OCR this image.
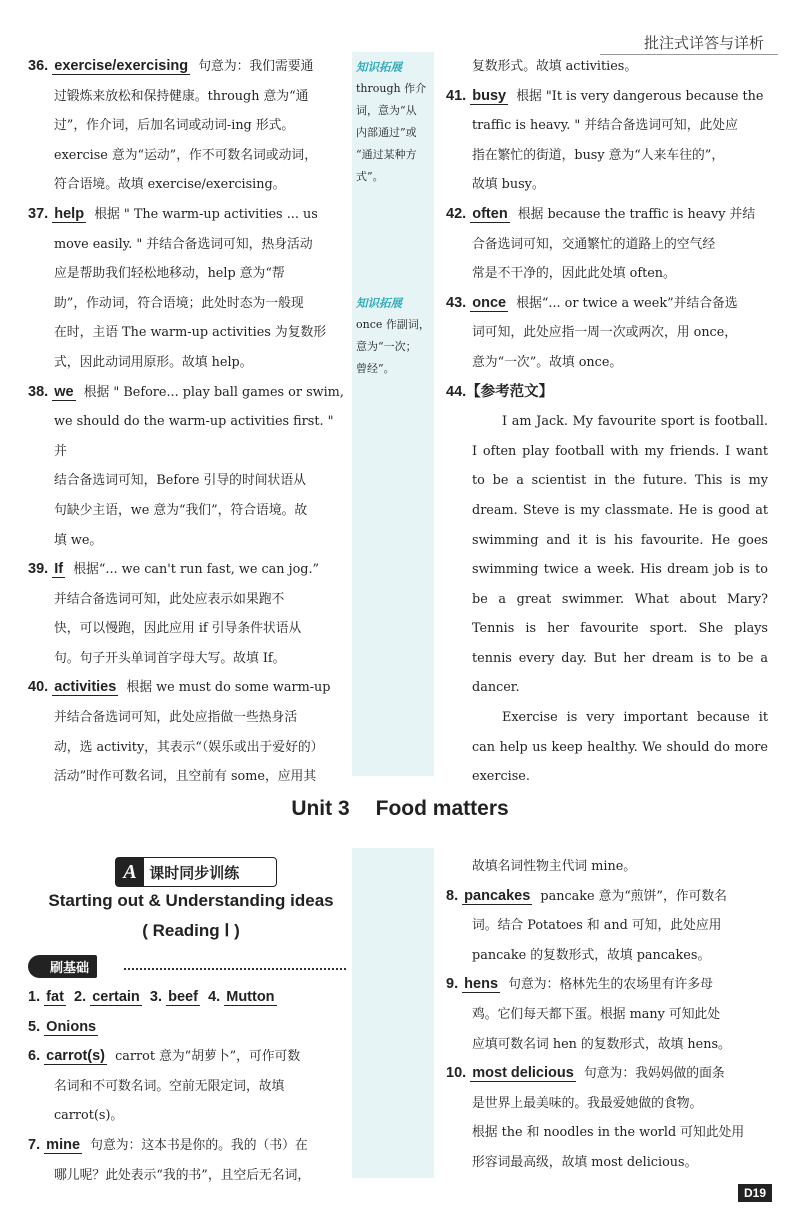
批注式详答与详析

36. exercise/exercising 句意为：我们需要通

过锻炼来放松和保持健康。through 意为“通

过”，作介词，后加名词或动词-ing 形式。

exercise 意为“运动”，作不可数名词或动词，

符合语境。故填 exercise/exercising。

37. help 根据 " The warm-up activities ... us

move easily. " 并结合备选词可知，热身活动

应是帮助我们轻松地移动，help 意为“帮

助”，作动词，符合语境；此处时态为一般现

在时，主语 The warm-up activities 为复数形

式，因此动词用原形。故填 help。

38. we 根据 " Before... play ball games or swim,

we should do the warm-up activities first. " 并

结合备选词可知，Before 引导的时间状语从

句缺少主语，we 意为“我们”，符合语境。故

填 we。

39. If 根据“... we can't run fast, we can jog.”

并结合备选词可知，此处应表示如果跑不

快，可以慢跑，因此应用 if 引导条件状语从

句。句子开头单词首字母大写。故填 If。

40. activities 根据 we must do some warm-up

并结合备选词可知，此处应指做一些热身活

动，选 activity，其表示“（娱乐或出于爱好的）

活动”时作可数名词，且空前有 some，应用其

知识拓展
through 作介
词，意为“从
内部通过”或
“通过某种方
式”。
知识拓展
once 作副词，
意为“一次；
曾经”。

复数形式。故填 activities。

41. busy 根据 "It is very dangerous because the

traffic is heavy. " 并结合备选词可知，此处应

指在繁忙的街道，busy 意为“人来车往的”，

故填 busy。

42. often 根据 because the traffic is heavy 并结

合备选词可知，交通繁忙的道路上的空气经

常是不干净的，因此此处填 often。

43. once 根据“... or twice a week”并结合备选

词可知，此处应指一周一次或两次，用 once，

意为“一次”。故填 once。

44.【参考范文】

I am Jack. My favourite sport is football. I often play football with my friends. I want to be a scientist in the future. This is my dream. Steve is my classmate. He is good at swimming and it is his favourite. He goes swimming twice a week. His dream job is to be a great swimmer. What about Mary? Tennis is her favourite sport. She plays tennis every day. But her dream is to be a dancer.

Exercise is very important because it can help us keep healthy. We should do more exercise.

Unit 3 Food matters
A 课时同步训练
Starting out & Understanding ideas
( Reading Ⅰ )
刷基础

1. fat 2. certain 3. beef 4. Mutton

5. Onions

6. carrot(s) carrot 意为“胡萝卜”，可作可数

名词和不可数名词。空前无限定词，故填

carrot(s)。

7. mine 句意为：这本书是你的。我的（书）在

哪儿呢？此处表示“我的书”，且空后无名词，

故填名词性物主代词 mine。

8. pancakes pancake 意为“煎饼”，作可数名

词。结合 Potatoes 和 and 可知，此处应用

pancake 的复数形式，故填 pancakes。

9. hens 句意为：格林先生的农场里有许多母

鸡。它们每天都下蛋。根据 many 可知此处

应填可数名词 hen 的复数形式，故填 hens。

10. most delicious 句意为：我妈妈做的面条

是世界上最美味的。我最爱她做的食物。

根据 the 和 noodles in the world 可知此处用

形容词最高级，故填 most delicious。

D19
